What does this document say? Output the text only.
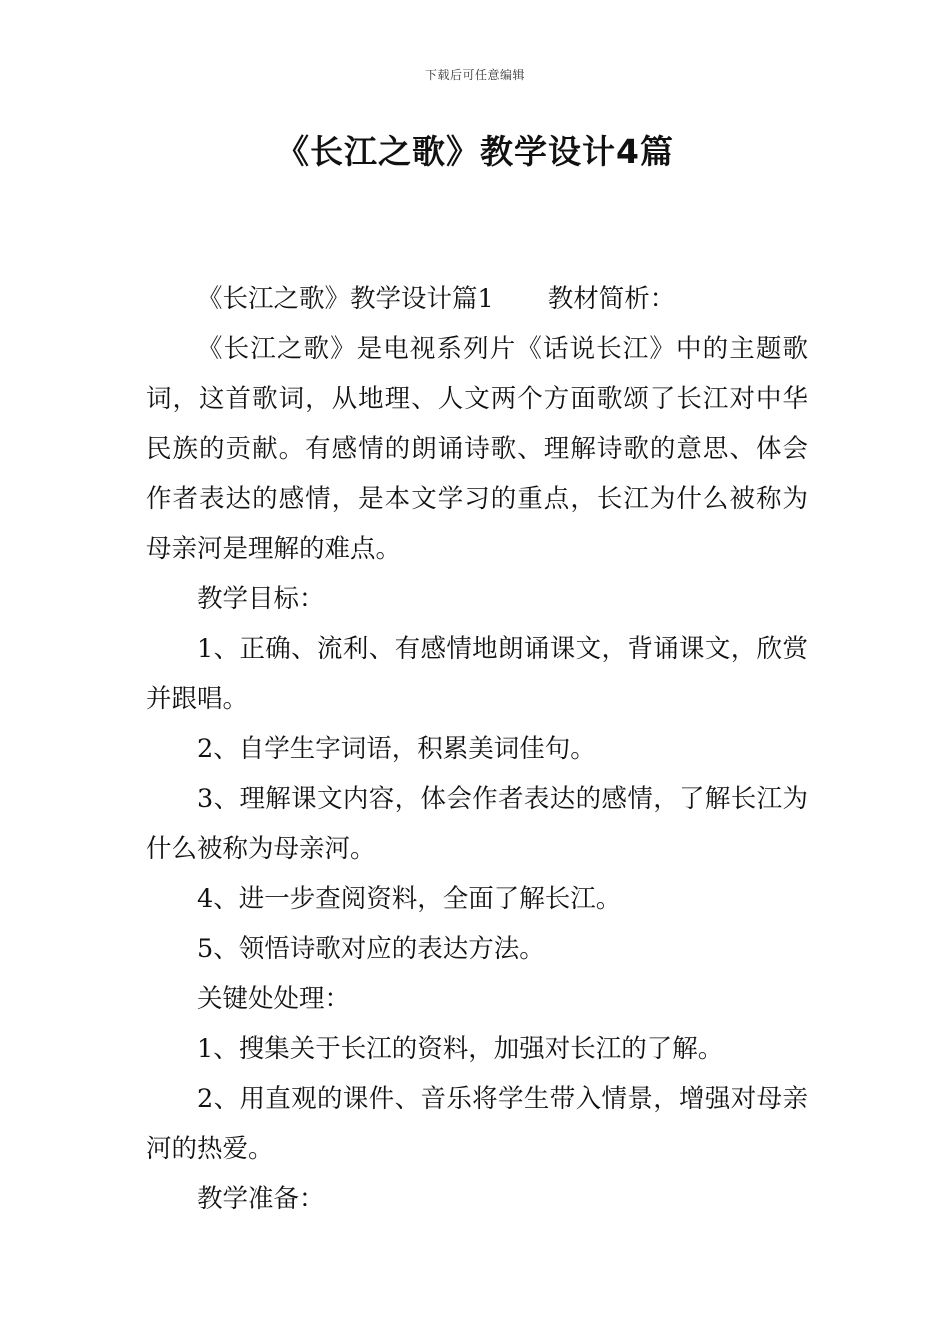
下载后可任意编辑
《长江之歌》教学设计4篇

《长江之歌》教学设计篇1 教材简析：

《长江之歌》是电视系列片《话说长江》中的主题歌词，这首歌词，从地理、人文两个方面歌颂了长江对中华民族的贡献。有感情的朗诵诗歌、理解诗歌的意思、体会作者表达的感情，是本文学习的重点，长江为什么被称为母亲河是理解的难点。

教学目标：

1、正确、流利、有感情地朗诵课文，背诵课文，欣赏并跟唱。

2、自学生字词语，积累美词佳句。

3、理解课文内容，体会作者表达的感情，了解长江为什么被称为母亲河。

4、进一步查阅资料，全面了解长江。

5、领悟诗歌对应的表达方法。

关键处处理：

1、搜集关于长江的资料，加强对长江的了解。

2、用直观的课件、音乐将学生带入情景，增强对母亲河的热爱。

教学准备：
